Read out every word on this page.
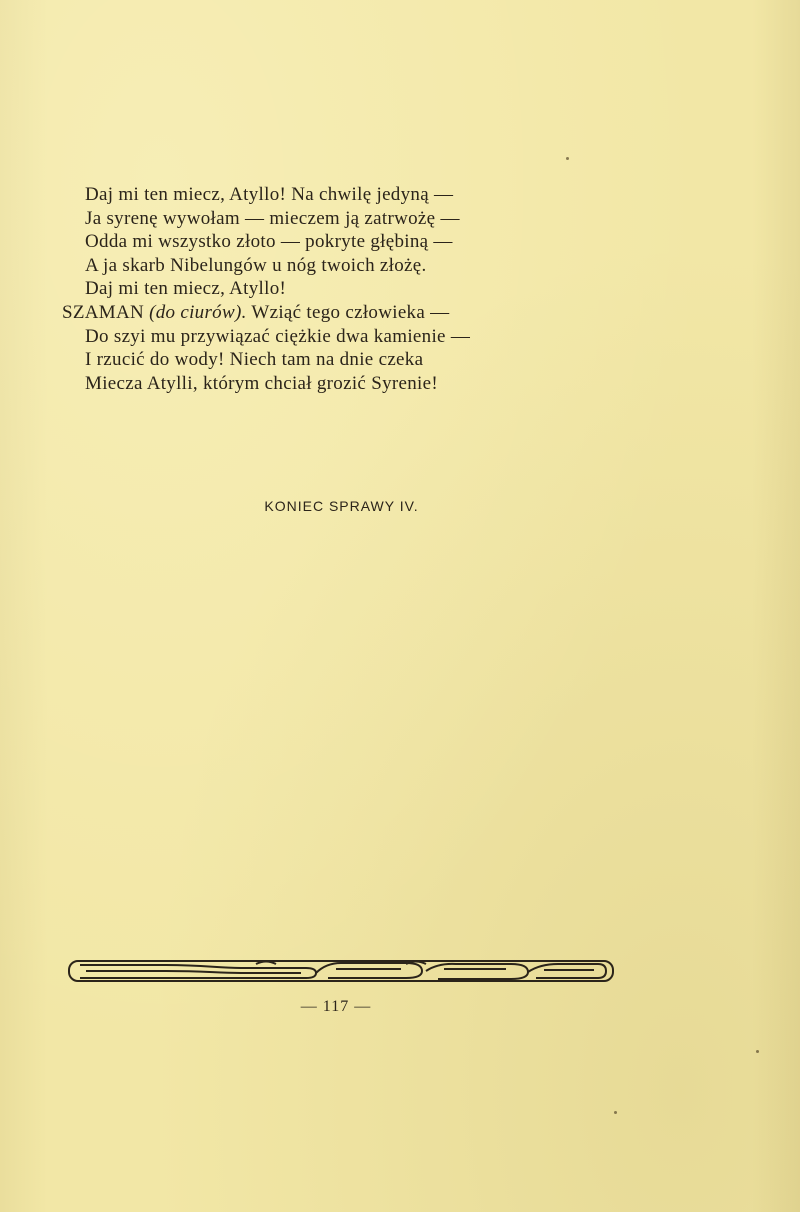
Daj mi ten miecz, Atyllo! Na chwilę jedyną —
Ja syrenę wywołam — mieczem ją zatrwożę —
Odda mi wszystko złoto — pokryte głębiną —
A ja skarb Nibelungów u nóg twoich złożę.
Daj mi ten miecz, Atyllo!
SZAMAN (do ciurów). Wziąć tego człowieka —
Do szyi mu przywiązać ciężkie dwa kamienie —
I rzucić do wody! Niech tam na dnie czeka
Miecza Atylli, którym chciał grozić Syrenie!
KONIEC SPRAWY IV.
— 117 —
